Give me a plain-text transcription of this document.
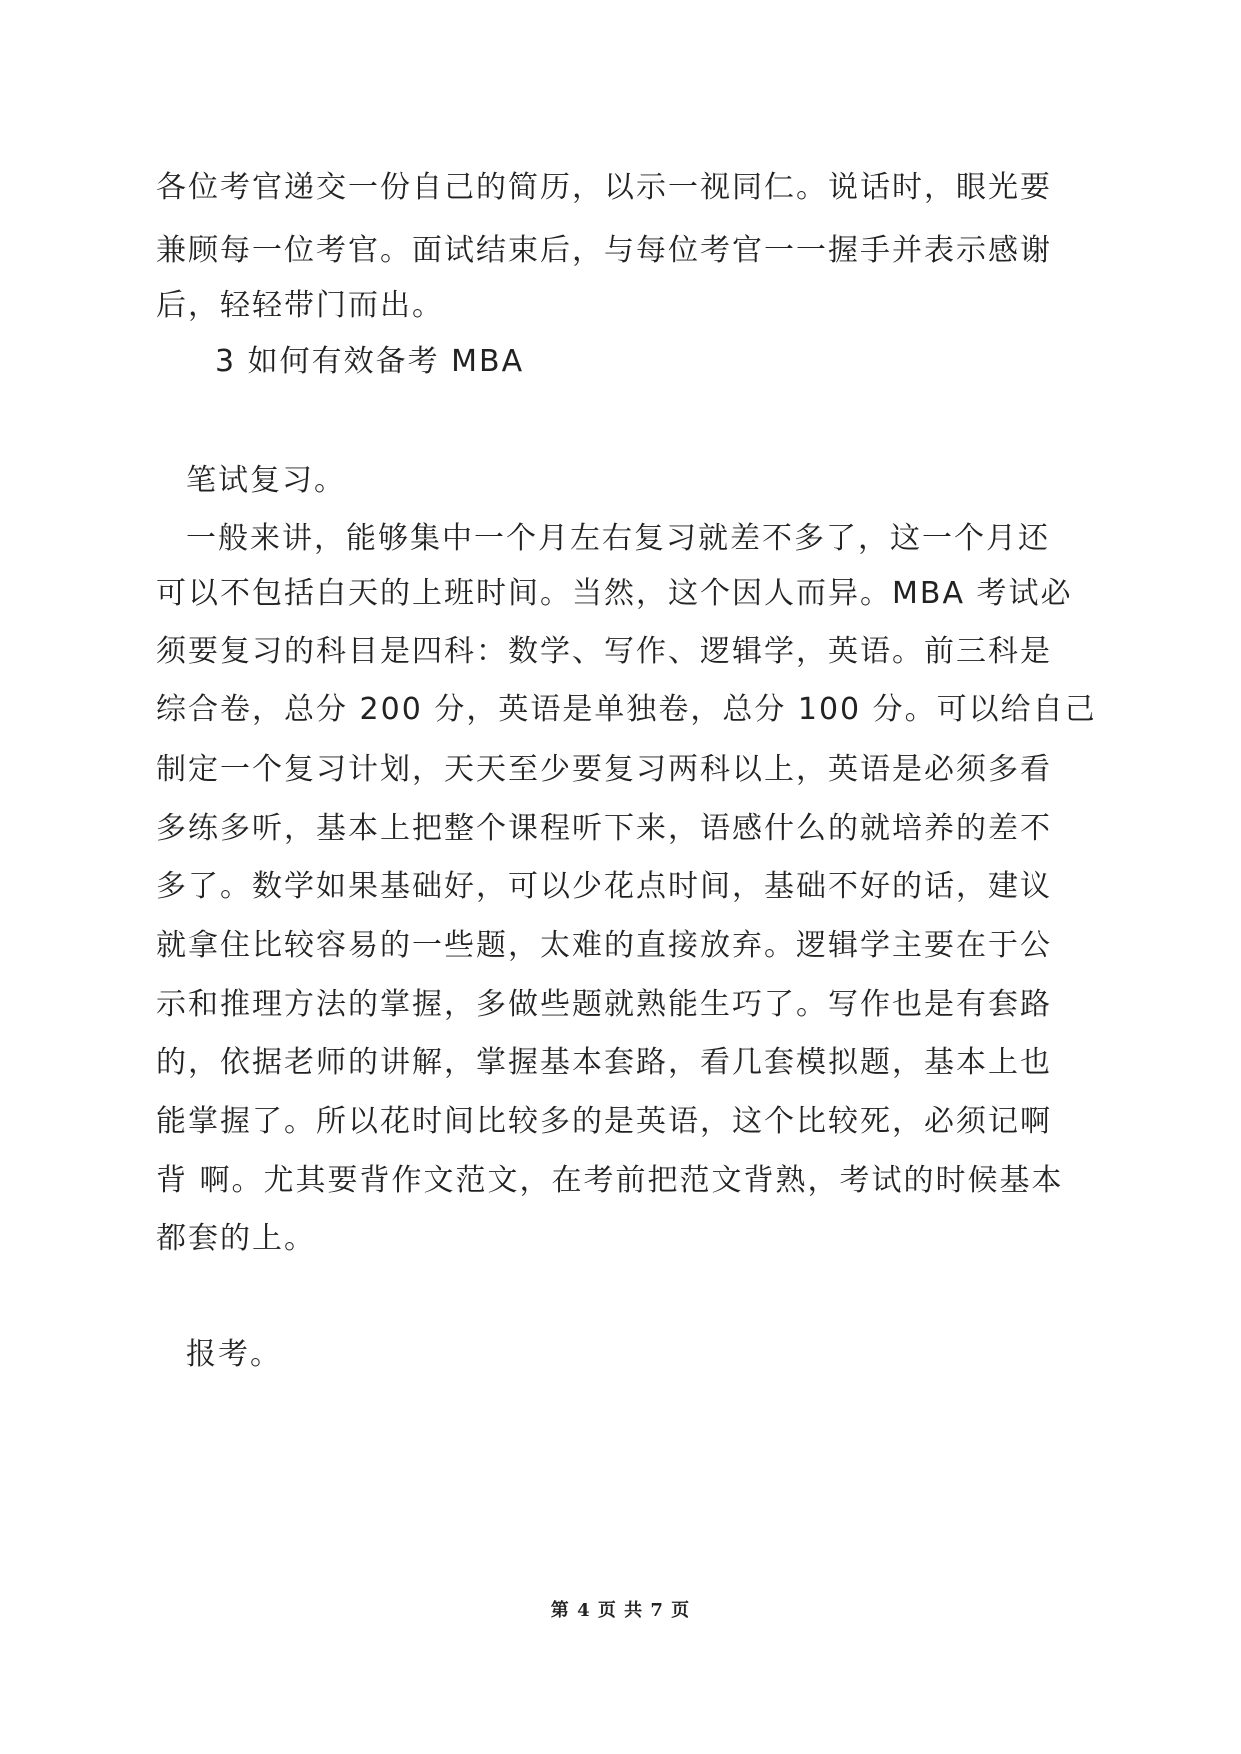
各位考官递交一份自己的简历，以示一视同仁。说话时，眼光要
兼顾每一位考官。面试结束后，与每位考官一一握手并表示感谢
后，轻轻带门而出。
3 如何有效备考 MBA
笔试复习。
一般来讲，能够集中一个月左右复习就差不多了，这一个月还
可以不包括白天的上班时间。当然，这个因人而异。MBA 考试必
须要复习的科目是四科：数学、写作、逻辑学，英语。前三科是
综合卷，总分 200 分，英语是单独卷，总分 100 分。可以给自己
制定一个复习计划，天天至少要复习两科以上，英语是必须多看
多练多听，基本上把整个课程听下来，语感什么的就培养的差不
多了。数学如果基础好，可以少花点时间，基础不好的话，建议
就拿住比较容易的一些题，太难的直接放弃。逻辑学主要在于公
示和推理方法的掌握，多做些题就熟能生巧了。写作也是有套路
的，依据老师的讲解，掌握基本套路，看几套模拟题，基本上也
能掌握了。所以花时间比较多的是英语，这个比较死，必须记啊
背 啊。尤其要背作文范文，在考前把范文背熟，考试的时候基本
都套的上。
报考。
第 4 页 共 7 页
